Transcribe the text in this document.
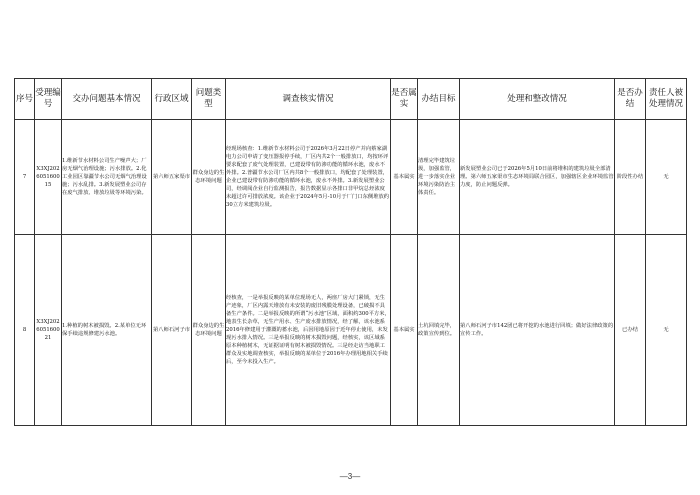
序号	受理编号	交办问题基本情况	行政区域	问题类型	调查核实情况	是否属实	办结目标	处理和整改情况	是否办结	责任人被处理情况
7	X3XJ202605160015	1.维新节水材料公司生产噪声大；厂房无烟气治理设施；污水排放。2.化工业园区靠疆节水公司无烟气治理设施；污水乱排。3.新发展塑业公司存在废气排放、堆放垃圾等环境污染。	第六师五家渠市	群众身边的生态环境问题	经现场核查：1.维新节水材料公司于2026年3月22日停产并向蔡家湖电力公司申请了变压器报停手续，厂区内共2个一般排放口，均按环评要求配套了废气处理装置，已建设带有防渗功能的循环水池，废水不外排。2.普疆节水公司厂区内共8个一般排放口，均配套了处理装置，企业已建设带有防渗功能的循环水池，废水不外排。3.新发展塑业公司，经调阅企业自行监测报告，报告数据显示各排口非甲烷总烃浓度未超过许可排放浓度。该企业于2024年5月-10月于厂门口东侧堆放约30立方米建筑垃圾。	基本属实	清理完毕建筑垃圾，加强监管，进一步落实企业环境污染防治主体责任。	新发展塑业公司已于2026年5月10日前将堆积的建筑垃圾全部清理。第六师五家渠市生态环境局联合园区，加强辖区企业环境监管力度，防止问题反弹。	阶段性办结	无
8	X3XJ202605160021	1.种植的树木被损毁。2.某单位无环保手续违规修建污水池。	第八师石河子市	群众身边的生态环境问题	经核查，一是举报反映的某单位现场无人，两座厂房大门紧锁，无生产迹象，厂区内露天堆放有未安装的废旧残膜处理设备，已破损不具备生产条件。二是举报反映的所谓“污水池”区域，面积约300平方米，地表生长杂草，无生产用水、生产废水排放情况，经了解，该水池系2016年修建用于灌溉的蓄水池，后因用地原因于近年停止使用，未发现污水排入情况。三是举报反映的树木损毁问题，经核实，该区域系原本种植树木，无证据证明有树木被损毁情况。三是经走访当地职工群众及实地调查核实，举报反映的某单位于2016年办理用地相关手续后，至今未投入生产。	基本属实	土坑回填完毕，政策宣传到位。	第八师石河子市142团已将开挖的水池进行回填；做好法律政策的宣传工作。	已办结	无
—3—
